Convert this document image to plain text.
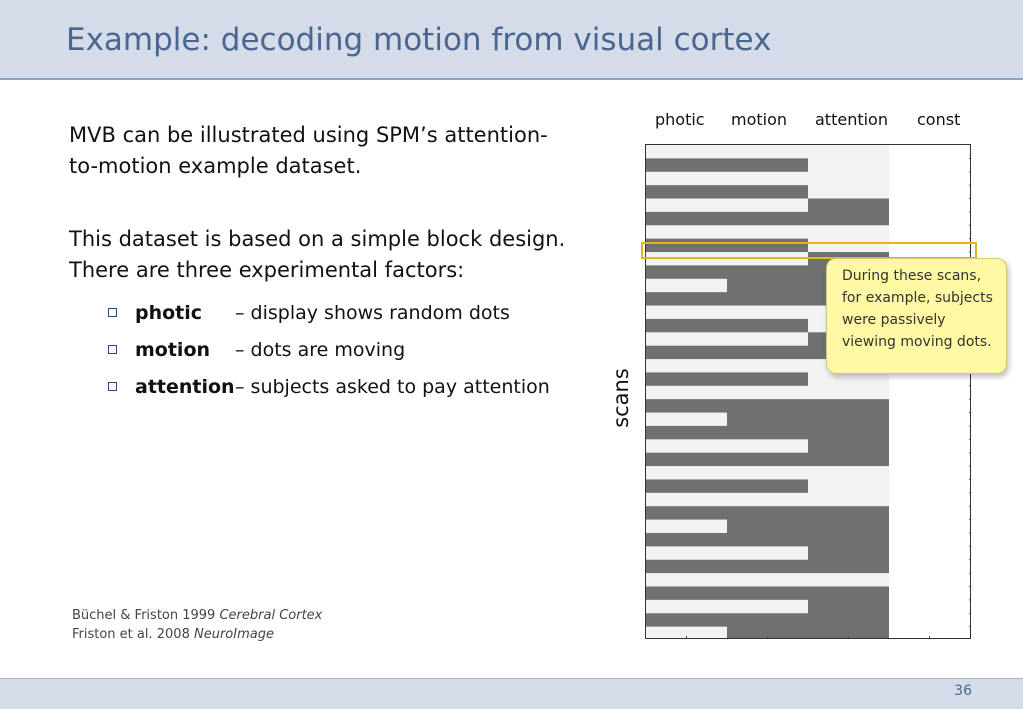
Example: decoding motion from visual cortex
MVB can be illustrated using SPM’s attention-to-motion example dataset.
This dataset is based on a simple block design. There are three experimental factors:
photic	– display shows random dots
motion	– dots are moving
attention – subjects asked to pay attention
Büchel & Friston 1999 Cerebral Cortex
Friston et al. 2008 NeuroImage
photic motion attention const
scans
During these scans, for example, subjects were passively viewing moving dots.
36
